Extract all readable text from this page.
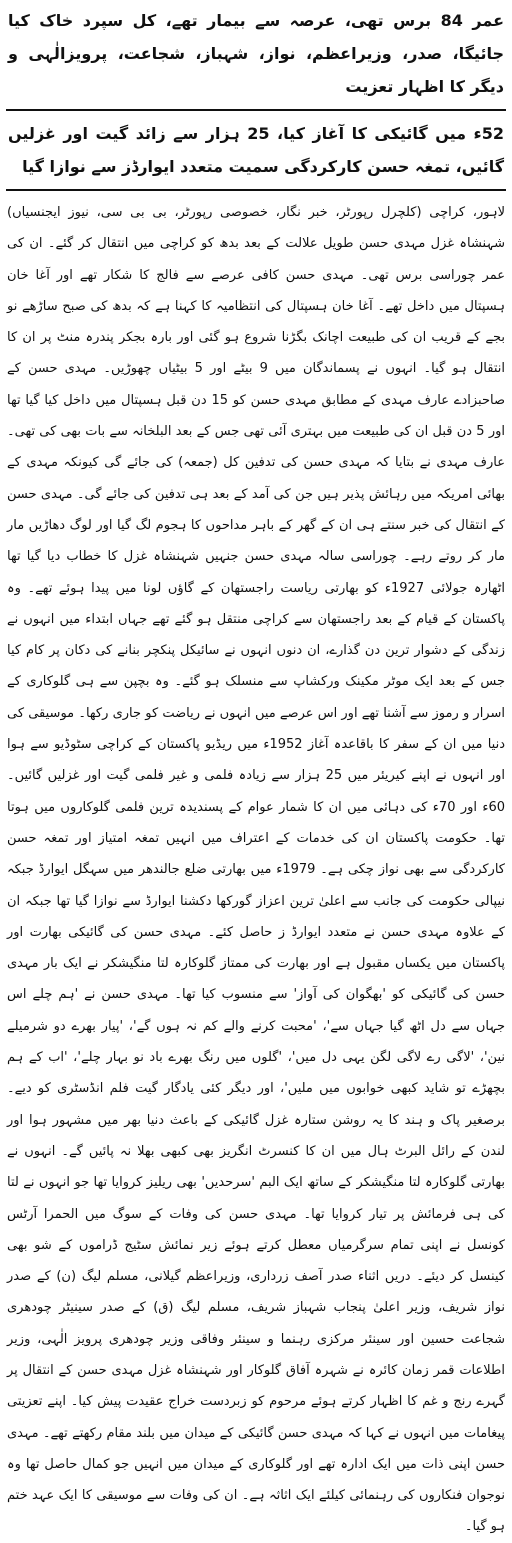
عمر 84 برس تھی، عرصہ سے بیمار تھے، کل سپرد خاک کیا جائیگا، صدر، وزیراعظم، نواز، شہباز، شجاعت، پرویزالٰہی و دیگر کا اظہار تعزیت

52ء میں گائیکی کا آغاز کیا، 25 ہزار سے زائد گیت اور غزلیں گائیں، تمغہ حسن کارکردگی سمیت متعدد ایوارڈز سے نوازا گیا

لاہور، کراچی (کلچرل رپورٹر، خبر نگار، خصوصی رپورٹر، بی بی سی، نیوز ایجنسیاں) شہنشاہ غزل مہدی حسن طویل علالت کے بعد بدھ کو کراچی میں انتقال کر گئے۔ ان کی عمر چوراسی برس تھی۔ مہدی حسن کافی عرصے سے فالج کا شکار تھے اور آغا خان ہسپتال میں داخل تھے۔ آغا خان ہسپتال کی انتظامیہ کا کہنا ہے کہ بدھ کی صبح ساڑھے نو بجے کے قریب ان کی طبیعت اچانک بگڑنا شروع ہو گئی اور بارہ بجکر پندرہ منٹ پر ان کا انتقال ہو گیا۔ انہوں نے پسماندگان میں 9 بیٹے اور 5 بیٹیاں چھوڑیں۔ مہدی حسن کے صاحبزادے عارف مہدی کے مطابق مہدی حسن کو 15 دن قبل ہسپتال میں داخل کیا گیا تھا اور 5 دن قبل ان کی طبیعت میں بہتری آئی تھی جس کے بعد البلخانہ سے بات بھی کی تھی۔ عارف مہدی نے بتایا کہ مہدی حسن کی تدفین کل (جمعہ) کی جائے گی کیونکہ مہدی کے بھائی امریکہ میں رہائش پذیر ہیں جن کی آمد کے بعد ہی تدفین کی جائے گی۔ مہدی حسن کے انتقال کی خبر سنتے ہی ان کے گھر کے باہر مداحوں کا ہجوم لگ گیا اور لوگ دھاڑیں مار مار کر روتے رہے۔ چوراسی سالہ مہدی حسن جنہیں شہنشاہ غزل کا خطاب دیا گیا تھا اٹھارہ جولائی 1927ء کو بھارتی ریاست راجستھان کے گاؤں لونا میں پیدا ہوئے تھے۔ وہ پاکستان کے قیام کے بعد راجستھان سے کراچی منتقل ہو گئے تھے جہاں ابتداء میں انہوں نے زندگی کے دشوار ترین دن گذارے، ان دنوں انہوں نے سائیکل پنکچر بنانے کی دکان پر کام کیا جس کے بعد ایک موٹر مکینک ورکشاپ سے منسلک ہو گئے۔ وہ بچپن سے ہی گلوکاری کے اسرار و رموز سے آشنا تھے اور اس عرصے میں انہوں نے ریاضت کو جاری رکھا۔ موسیقی کی دنیا میں ان کے سفر کا باقاعدہ آغاز 1952ء میں ریڈیو پاکستان کے کراچی سٹوڈیو سے ہوا اور انہوں نے اپنے کیریئر میں 25 ہزار سے زیادہ فلمی و غیر فلمی گیت اور غزلیں گائیں۔ 60ء اور 70ء کی دہائی میں ان کا شمار عوام کے پسندیدہ ترین فلمی گلوکاروں میں ہوتا تھا۔ حکومت پاکستان ان کی خدمات کے اعتراف میں انہیں تمغہ امتیاز اور تمغہ حسن کارکردگی سے بھی نواز چکی ہے۔ 1979ء میں بھارتی ضلع جالندھر میں سہگل ایوارڈ جبکہ نیپالی حکومت کی جانب سے اعلیٰ ترین اعزاز گورکھا دکشنا ایوارڈ سے نوازا گیا تھا جبکہ ان کے علاوہ مہدی حسن نے متعدد ایوارڈ ز حاصل کئے۔ مہدی حسن کی گائیکی بھارت اور پاکستان میں یکساں مقبول ہے اور بھارت کی ممتاز گلوکارہ لتا منگیشکر نے ایک بار مہدی حسن کی گائیکی کو 'بھگوان کی آواز' سے منسوب کیا تھا۔ مہدی حسن نے 'ہم چلے اس جہاں سے دل اٹھ گیا جہاں سے'، 'محبت کرنے والے کم نہ ہوں گے'، 'پیار بھرے دو شرمیلے نین'، 'لاگی رے لاگی لگن یہی دل میں'، 'گلوں میں رنگ بھرے باد نو بہار چلے'، 'اب کے ہم بچھڑے تو شاید کبھی خوابوں میں ملیں'، اور دیگر کئی یادگار گیت فلم انڈسٹری کو دیے۔ برصغیر پاک و ہند کا یہ روشن ستارہ غزل گائیکی کے باعث دنیا بھر میں مشہور ہوا اور لندن کے رائل البرٹ ہال میں ان کا کنسرٹ انگریز بھی کبھی بھلا نہ پائیں گے۔ انہوں نے بھارتی گلوکارہ لتا منگیشکر کے ساتھ ایک البم 'سرحدیں' بھی ریلیز کروایا تھا جو انہوں نے لتا کی ہی فرمائش پر تیار کروایا تھا۔ مہدی حسن کی وفات کے سوگ میں الحمرا آرٹس کونسل نے اپنی تمام سرگرمیاں معطل کرتے ہوئے زیر نمائش سٹیج ڈراموں کے شو بھی کینسل کر دیئے۔ دریں اثناء صدر آصف زرداری، وزیراعظم گیلانی، مسلم لیگ (ن) کے صدر نواز شریف، وزیر اعلیٰ پنجاب شہباز شریف، مسلم لیگ (ق) کے صدر سینیٹر چودھری شجاعت حسین اور سینئر مرکزی رہنما و سینئر وفاقی وزیر چودھری پرویز الٰہی، وزیر اطلاعات قمر زمان کائرہ نے شہرہ آفاق گلوکار اور شہنشاہ غزل مہدی حسن کے انتقال پر گہرے رنج و غم کا اظہار کرتے ہوئے مرحوم کو زبردست خراج عقیدت پیش کیا۔ اپنے تعزیتی پیغامات میں انہوں نے کہا کہ مہدی حسن گائیکی کے میدان میں بلند مقام رکھتے تھے۔ مہدی حسن اپنی ذات میں ایک ادارہ تھے اور گلوکاری کے میدان میں انہیں جو کمال حاصل تھا وہ نوجوان فنکاروں کی رہنمائی کیلئے ایک اثاثہ ہے۔ ان کی وفات سے موسیقی کا ایک عہد ختم ہو گیا۔
